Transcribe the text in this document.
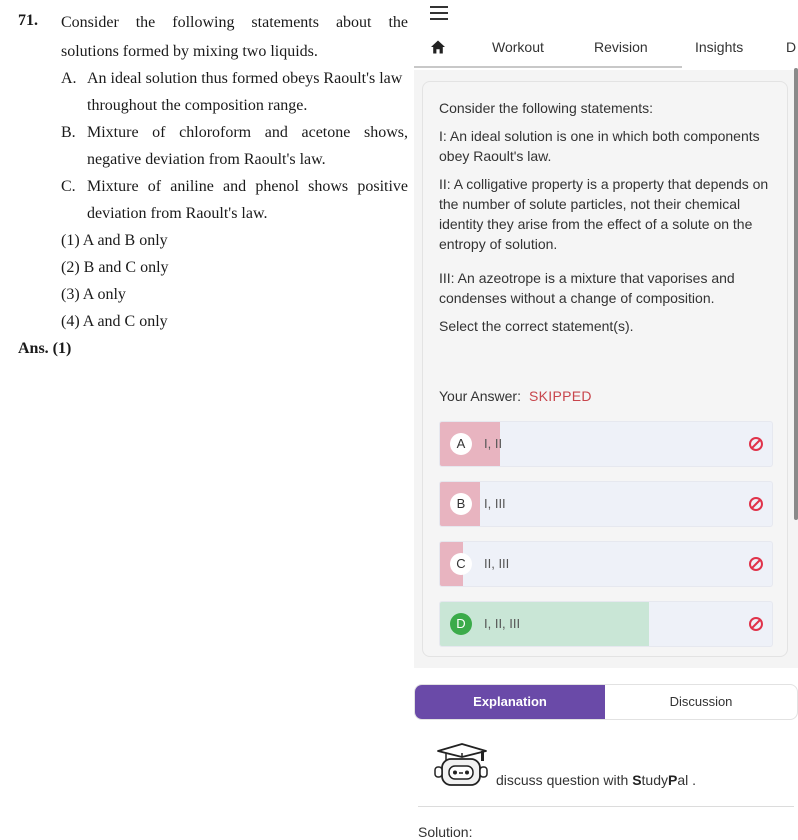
71. Consider the following statements about the
solutions formed by mixing two liquids.
A. An ideal solution thus formed obeys Raoult's law
throughout the composition range.
B. Mixture of chloroform and acetone shows,
negative deviation from Raoult's law.
C. Mixture of aniline and phenol shows positive
deviation from Raoult's law.
(1) A and B only
(2) B and C only
(3) A only
(4) A and C only
Ans. (1)
Workout	Revision	Insights	D
Consider the following statements:
I: An ideal solution is one in which both components obey Raoult's law.
II: A colligative property is a property that depends on the number of solute particles, not their chemical identity they arise from the effect of a solute on the entropy of solution.
III: An azeotrope is a mixture that vaporises and condenses without a change of composition.
Select the correct statement(s).
Your Answer: SKIPPED
A	I, II
B	I, III
C	II, III
D	I, II, III
Explanation	Discussion
discuss question with StudyPal .
Solution:
